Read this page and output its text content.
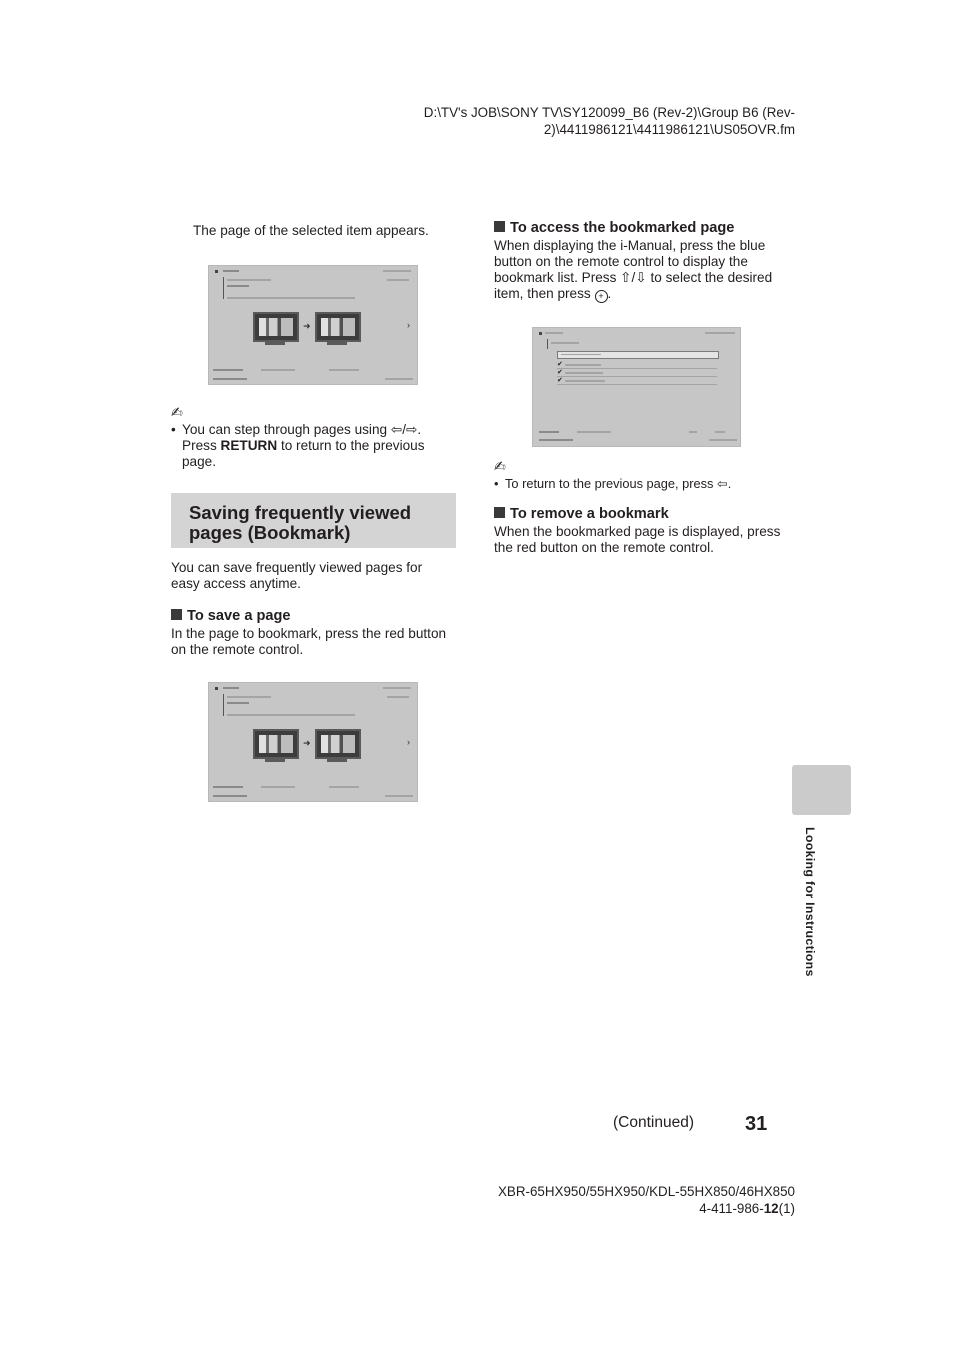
D:\TV's JOB\SONY TV\SY120099_B6 (Rev-2)\Group B6 (Rev-
2)\4411986121\4411986121\US05OVR.fm
The page of the selected item appears.
➜	›
✍
• You can step through pages using ⇦/⇨. Press RETURN to return to the previous page.
Saving frequently viewed pages (Bookmark)
You can save frequently viewed pages for easy access anytime.
To save a page
In the page to bookmark, press the red button on the remote control.
➜	›
To access the bookmarked page
When displaying the i-Manual, press the blue button on the remote control to display the bookmark list. Press ⇧/⇩ to select the desired item, then press + .
✔
✔
✔
✍
• To return to the previous page, press ⇦.
To remove a bookmark
When the bookmarked page is displayed, press the red button on the remote control.
Looking for Instructions
(Continued)	31
XBR-65HX950/55HX950/KDL-55HX850/46HX850
4-411-986-12(1)
